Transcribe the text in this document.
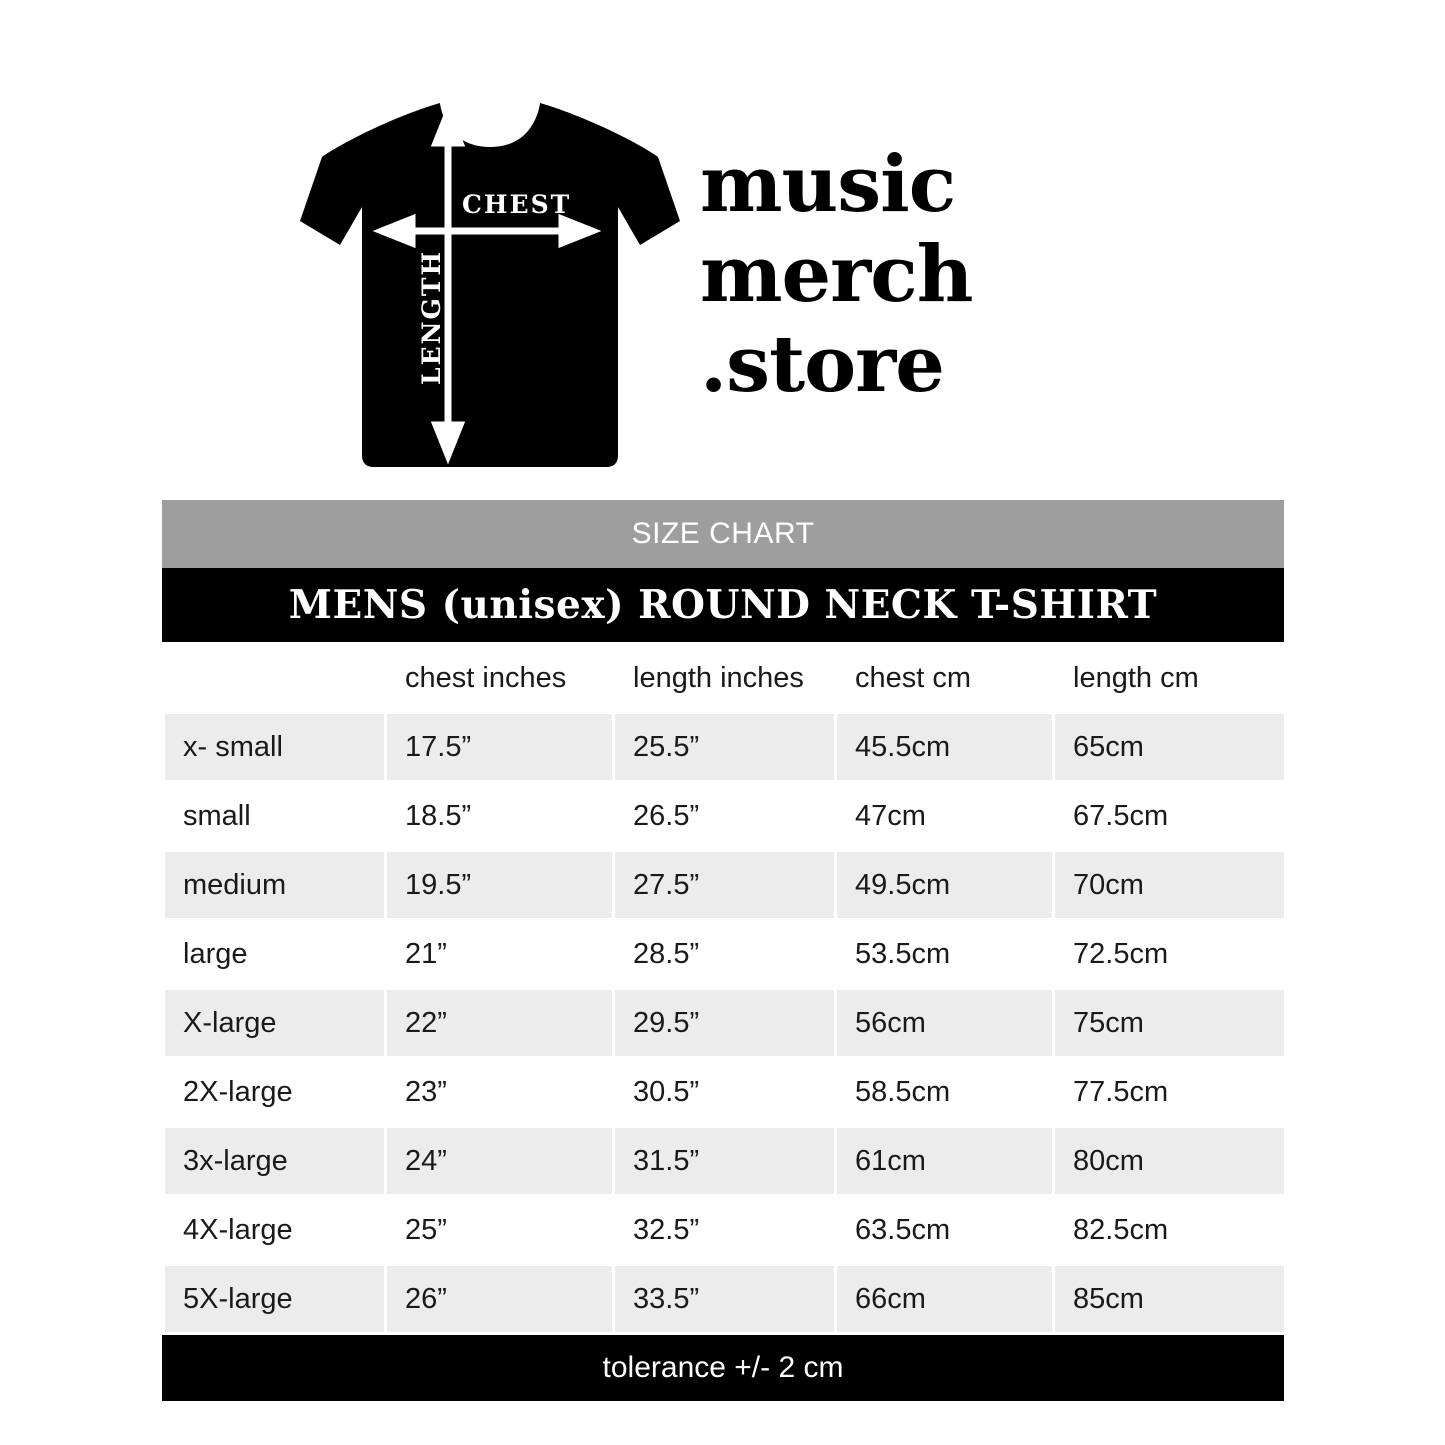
CHEST
LENGTH
music
merch
.store
SIZE CHART
MENS (unisex) ROUND NECK T-SHIRT
	chest inches	length inches	chest cm	length cm
x- small	17.5”	25.5”	45.5cm	65cm
small	18.5”	26.5”	47cm	67.5cm
medium	19.5”	27.5”	49.5cm	70cm
large	21”	28.5”	53.5cm	72.5cm
X-large	22”	29.5”	56cm	75cm
2X-large	23”	30.5”	58.5cm	77.5cm
3x-large	24”	31.5”	61cm	80cm
4X-large	25”	32.5”	63.5cm	82.5cm
5X-large	26”	33.5”	66cm	85cm
tolerance +/- 2 cm
